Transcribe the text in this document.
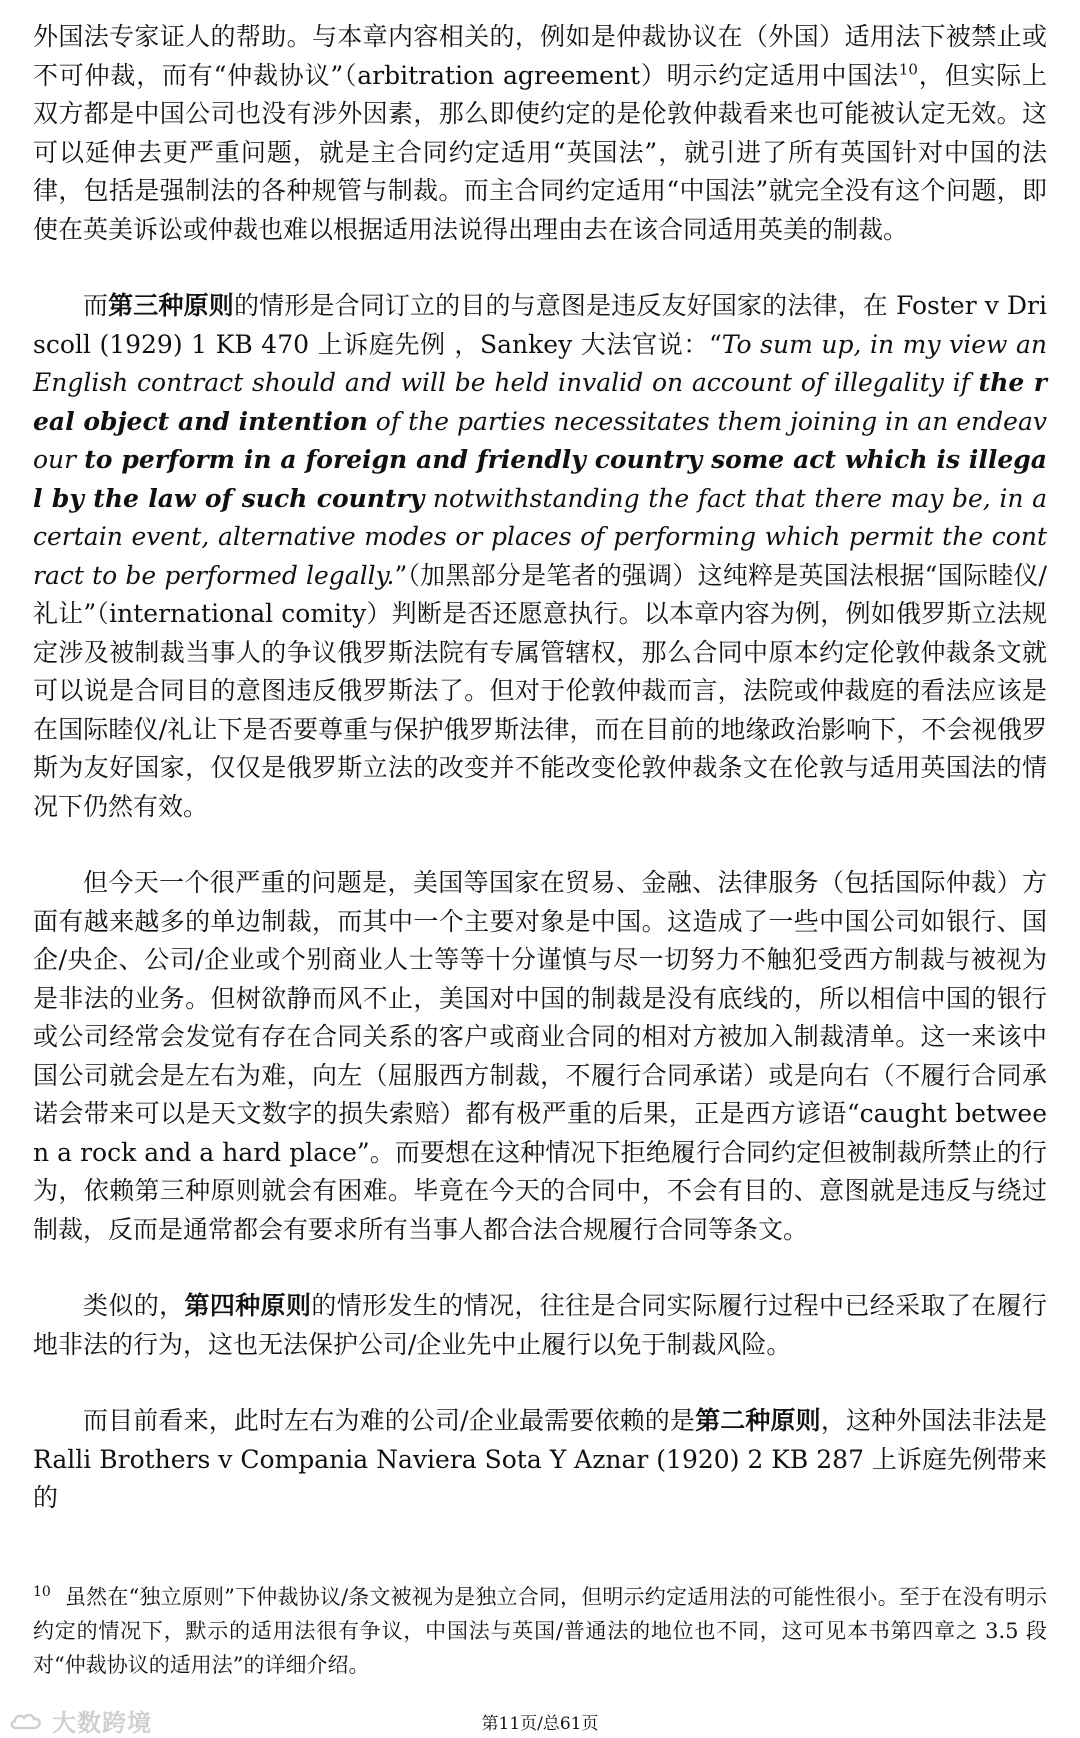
外国法专家证人的帮助。与本章内容相关的，例如是仲裁协议在（外国）适用法下被禁止或不可仲裁，而有“仲裁协议”（arbitration agreement）明示约定适用中国法$^{10}$，但实际上双方都是中国公司也没有涉外因素，那么即使约定的是伦敦仲裁看来也可能被认定无效。这可以延伸去更严重问题，就是主合同约定适用“英国法”，就引进了所有英国针对中国的法律，包括是强制法的各种规管与制裁。而主合同约定适用“中国法”就完全没有这个问题，即使在英美诉讼或仲裁也难以根据适用法说得出理由去在该合同适用英美的制裁。

而第三种原则的情形是合同订立的目的与意图是违反友好国家的法律，在 Foster v Driscoll (1929) 1 KB 470 上诉庭先例 ，Sankey 大法官说：“To sum up, in my view an English contract should and will be held invalid on account of illegality if the real object and intention of the parties necessitates them joining in an endeavour to perform in a foreign and friendly country some act which is illegal by the law of such country notwithstanding the fact that there may be, in a certain event, alternative modes or places of performing which permit the contract to be performed legally.”（加黑部分是笔者的强调）这纯粹是英国法根据“国际睦仪/礼让”（international comity）判断是否还愿意执行。以本章内容为例，例如俄罗斯立法规定涉及被制裁当事人的争议俄罗斯法院有专属管辖权，那么合同中原本约定伦敦仲裁条文就可以说是合同目的意图违反俄罗斯法了。但对于伦敦仲裁而言，法院或仲裁庭的看法应该是在国际睦仪/礼让下是否要尊重与保护俄罗斯法律，而在目前的地缘政治影响下，不会视俄罗斯为友好国家，仅仅是俄罗斯立法的改变并不能改变伦敦仲裁条文在伦敦与适用英国法的情况下仍然有效。

但今天一个很严重的问题是，美国等国家在贸易、金融、法律服务（包括国际仲裁）方面有越来越多的单边制裁，而其中一个主要对象是中国。这造成了一些中国公司如银行、国企/央企、公司/企业或个别商业人士等等十分谨慎与尽一切努力不触犯受西方制裁与被视为是非法的业务。但树欲静而风不止，美国对中国的制裁是没有底线的，所以相信中国的银行或公司经常会发觉有存在合同关系的客户或商业合同的相对方被加入制裁清单。这一来该中国公司就会是左右为难，向左（屈服西方制裁，不履行合同承诺）或是向右（不履行合同承诺会带来可以是天文数字的损失索赔）都有极严重的后果，正是西方谚语“caught between a rock and a hard place”。而要想在这种情况下拒绝履行合同约定但被制裁所禁止的行为，依赖第三种原则就会有困难。毕竟在今天的合同中，不会有目的、意图就是违反与绕过制裁，反而是通常都会有要求所有当事人都合法合规履行合同等条文。

类似的，第四种原则的情形发生的情况，往往是合同实际履行过程中已经采取了在履行地非法的行为，这也无法保护公司/企业先中止履行以免于制裁风险。

而目前看来，此时左右为难的公司/企业最需要依赖的是第二种原则，这种外国法非法是 Ralli Brothers v Compania Naviera Sota Y Aznar (1920) 2 KB 287 上诉庭先例带来的

$^{10}$ 虽然在“独立原则”下仲裁协议/条文被视为是独立合同，但明示约定适用法的可能性很小。至于在没有明示约定的情况下，默示的适用法很有争议，中国法与英国/普通法的地位也不同，这可见本书第四章之 3.5 段对“仲裁协议的适用法”的详细介绍。

大数跨境	第11页/总61页
